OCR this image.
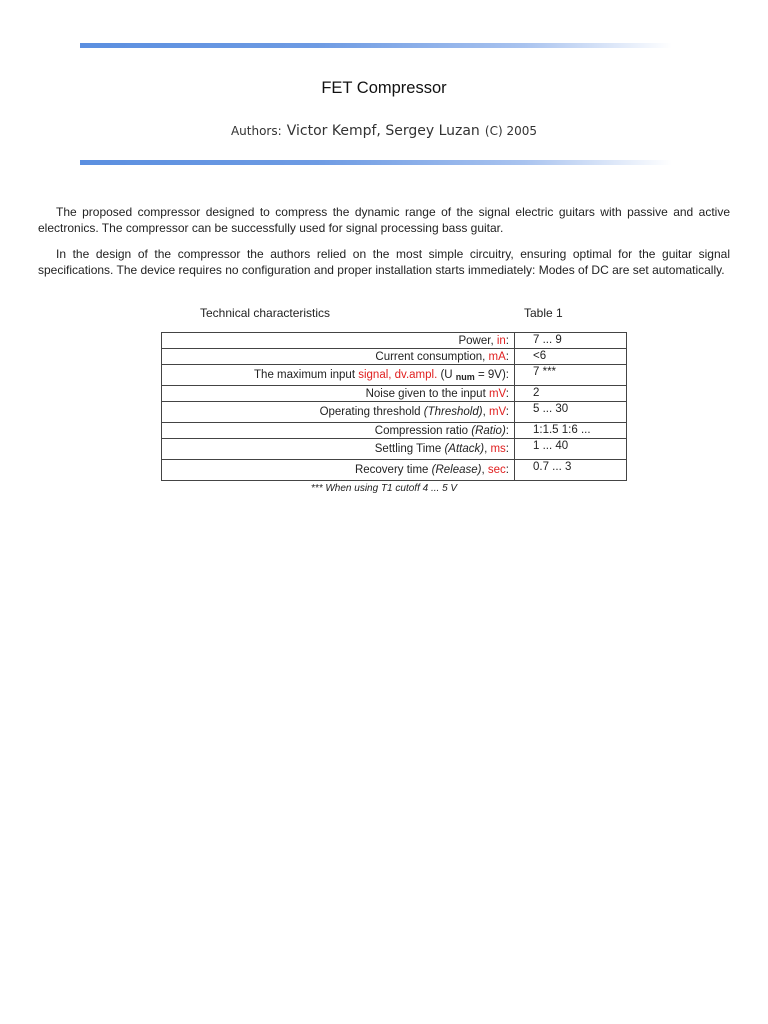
FET Compressor
Authors: Victor Kempf, Sergey Luzan (C) 2005

The proposed compressor designed to compress the dynamic range of the signal electric guitars with passive and active electronics. The compressor can be successfully used for signal processing bass guitar.

In the design of the compressor the authors relied on the most simple circuitry, ensuring optimal for the guitar signal specifications. The device requires no configuration and proper installation starts immediately: Modes of DC are set automatically.

Technical characteristics	Table 1
Power, in:	7 ... 9
Current consumption, mA:	<6
The maximum input signal, dv.ampl. (U num = 9V):	7 ***
Noise given to the input mV:	2
Operating threshold (Threshold), mV:	5 ... 30
Compression ratio (Ratio):	1:1.5 1:6 ...
Settling Time (Attack), ms:	1 ... 40
Recovery time (Release), sec:	0.7 ... 3
*** When using T1 cutoff 4 ... 5 V
